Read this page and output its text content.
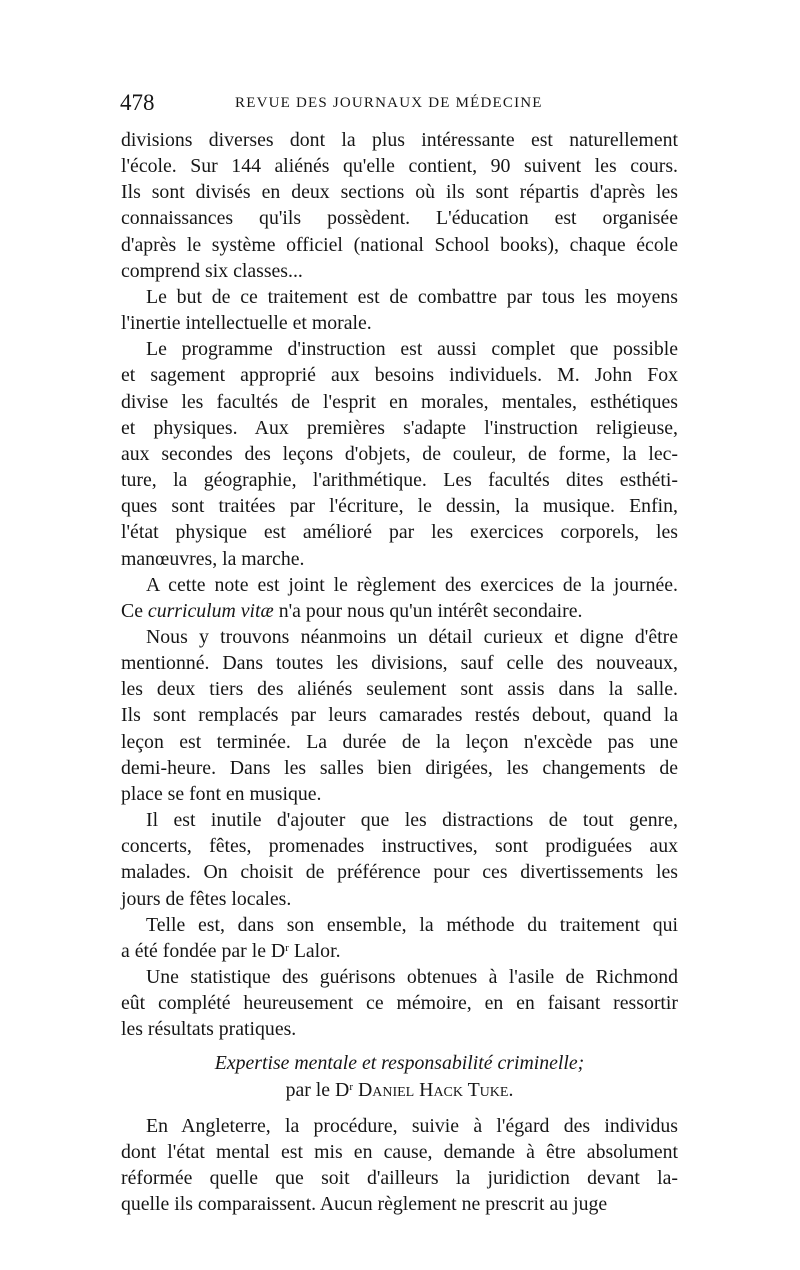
478	REVUE DES JOURNAUX DE MÉDECINE

divisions diverses dont la plus intéressante est naturellement

l'école. Sur 144 aliénés qu'elle contient, 90 suivent les cours.

Ils sont divisés en deux sections où ils sont répartis d'après les

connaissances qu'ils possèdent. L'éducation est organisée

d'après le système officiel (national School books), chaque école

comprend six classes...

Le but de ce traitement est de combattre par tous les moyens

l'inertie intellectuelle et morale.

Le programme d'instruction est aussi complet que possible

et sagement approprié aux besoins individuels. M. John Fox

divise les facultés de l'esprit en morales, mentales, esthétiques

et physiques. Aux premières s'adapte l'instruction religieuse,

aux secondes des leçons d'objets, de couleur, de forme, la lec-

ture, la géographie, l'arithmétique. Les facultés dites esthéti-

ques sont traitées par l'écriture, le dessin, la musique. Enfin,

l'état physique est amélioré par les exercices corporels, les

manœuvres, la marche.

A cette note est joint le règlement des exercices de la journée.

Ce curriculum vitæ n'a pour nous qu'un intérêt secondaire.

Nous y trouvons néanmoins un détail curieux et digne d'être

mentionné. Dans toutes les divisions, sauf celle des nouveaux,

les deux tiers des aliénés seulement sont assis dans la salle.

Ils sont remplacés par leurs camarades restés debout, quand la

leçon est terminée. La durée de la leçon n'excède pas une

demi-heure. Dans les salles bien dirigées, les changements de

place se font en musique.

Il est inutile d'ajouter que les distractions de tout genre,

concerts, fêtes, promenades instructives, sont prodiguées aux

malades. On choisit de préférence pour ces divertissements les

jours de fêtes locales.

Telle est, dans son ensemble, la méthode du traitement qui

a été fondée par le $D^r$ Lalor.

Une statistique des guérisons obtenues à l'asile de Richmond

eût complété heureusement ce mémoire, en en faisant ressortir

les résultats pratiques.

Expertise mentale et responsabilité criminelle;
par le $D^r$ Daniel Hack Tuke.

En Angleterre, la procédure, suivie à l'égard des individus

dont l'état mental est mis en cause, demande à être absolument

réformée quelle que soit d'ailleurs la juridiction devant la-

quelle ils comparaissent. Aucun règlement ne prescrit au juge
